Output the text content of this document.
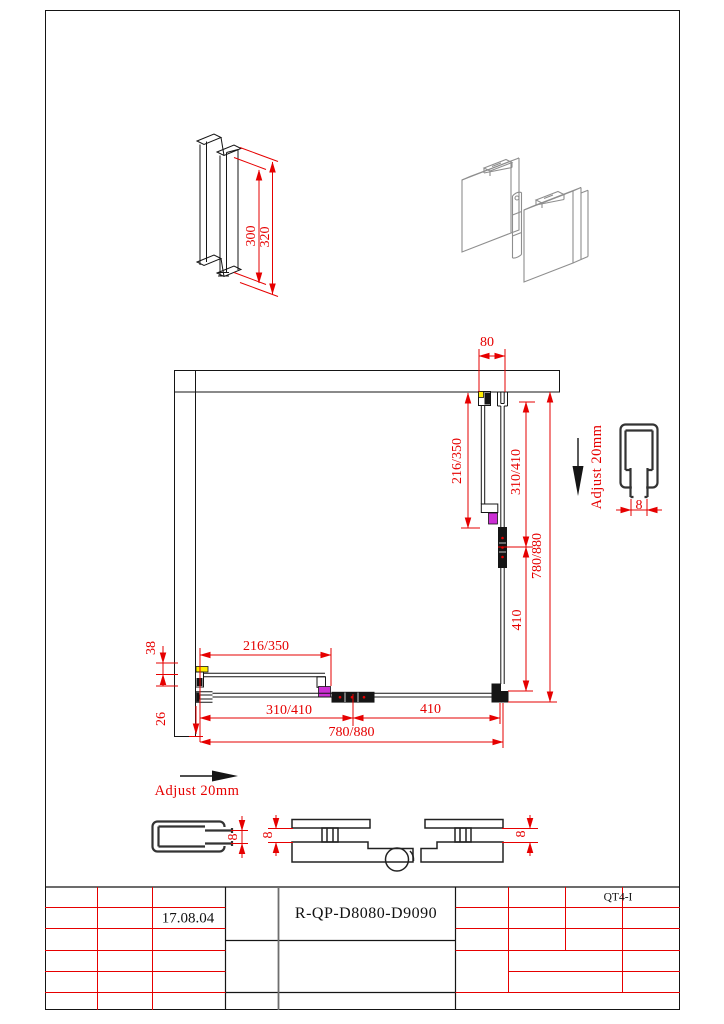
300 320
80
216/350	310/410
780/880
410
Adjust 20mm 8
216/350
38
26
310/410	410
780/880
Adjust 20mm
8 8	8
17.08.04	R-QP-D8080-D9090
QT4-I
